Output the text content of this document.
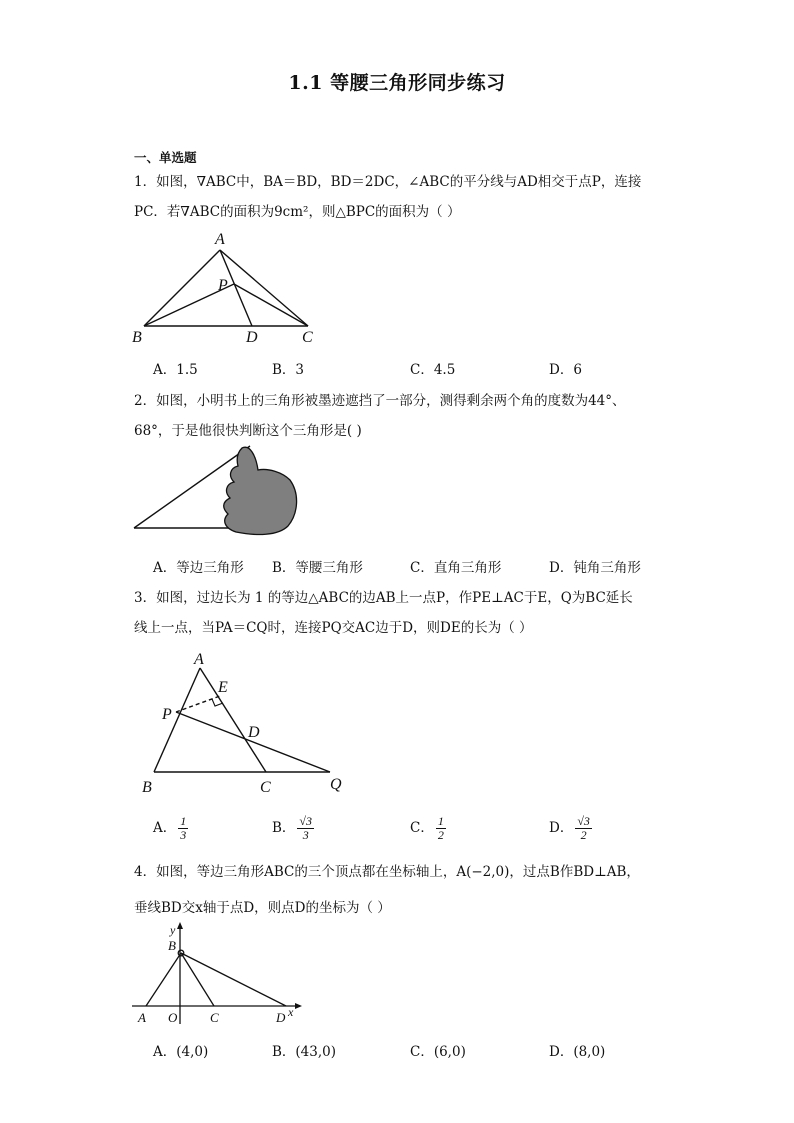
1.1 等腰三角形同步练习
一、单选题
1．如图，∇ABC中，BA＝BD，BD＝2DC，∠ABC的平分线与AD相交于点P，连接
PC．若∇ABC的面积为9cm²，则△BPC的面积为（ ）
A
B	C
D
P
A．1.5	B．3	C．4.5	D．6
2．如图，小明书上的三角形被墨迹遮挡了一部分，测得剩余两个角的度数为44°、
68°，于是他很快判断这个三角形是( )
A．等边三角形 B．等腰三角形	C．直角三角形	D．钝角三角形
3．如图，过边长为 1 的等边△ABC的边AB上一点P，作PE⊥AC于E，Q为BC延长
线上一点，当PA＝CQ时，连接PQ交AC边于D，则DE的长为（ ）
A
E
P
D
B	C	Q
A． $\frac{1}{3}$	B． $\frac{√3}{3}$	C． $\frac{1}{2}$	D． $\frac{√3}{2}$
4．如图，等边三角形ABC的三个顶点都在坐标轴上，A(−2,0)，过点B作BD⊥AB，
垂线BD交x轴于点D，则点D的坐标为（ ）
y
B
A O	C	D x
A．(4,0)	B．(43,0)	C．(6,0)	D．(8,0)
